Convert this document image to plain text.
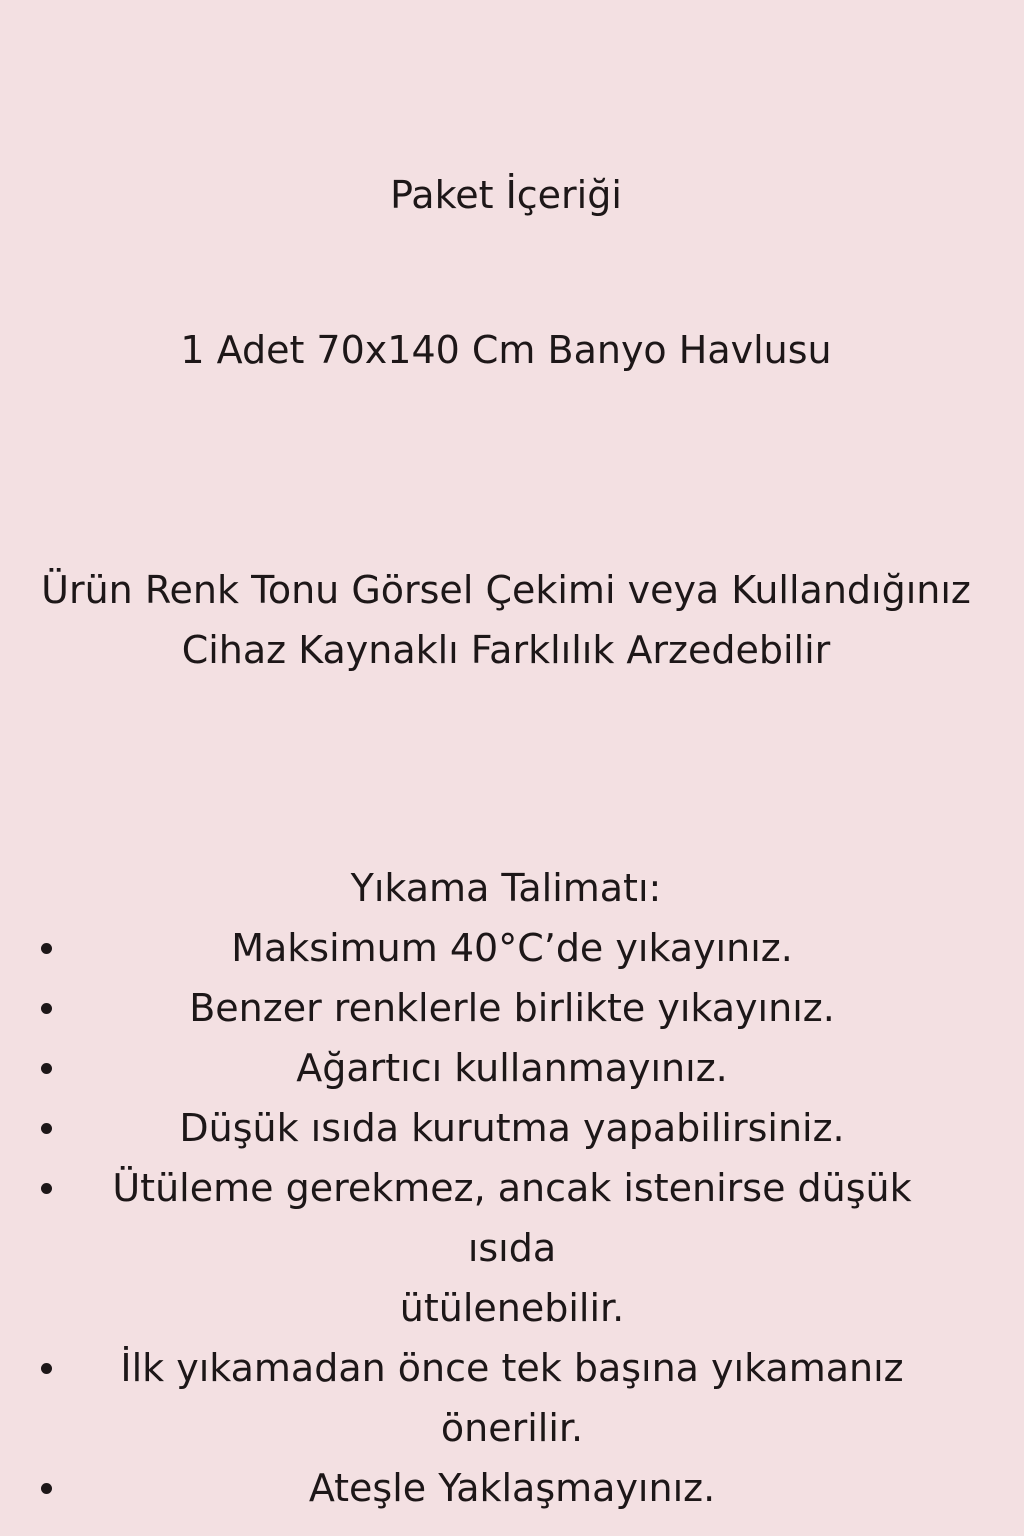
Paket İçeriği
1 Adet 70x140 Cm Banyo Havlusu
Ürün Renk Tonu Görsel Çekimi veya Kullandığınız
Cihaz Kaynaklı Farklılık Arzedebilir
Yıkama Talimatı:
Maksimum 40°C’de yıkayınız.
Benzer renklerle birlikte yıkayınız.
Ağartıcı kullanmayınız.
Düşük ısıda kurutma yapabilirsiniz.
Ütüleme gerekmez, ancak istenirse düşük ısıda
ütülenebilir.
İlk yıkamadan önce tek başına yıkamanız
önerilir.
Ateşle Yaklaşmayınız.
